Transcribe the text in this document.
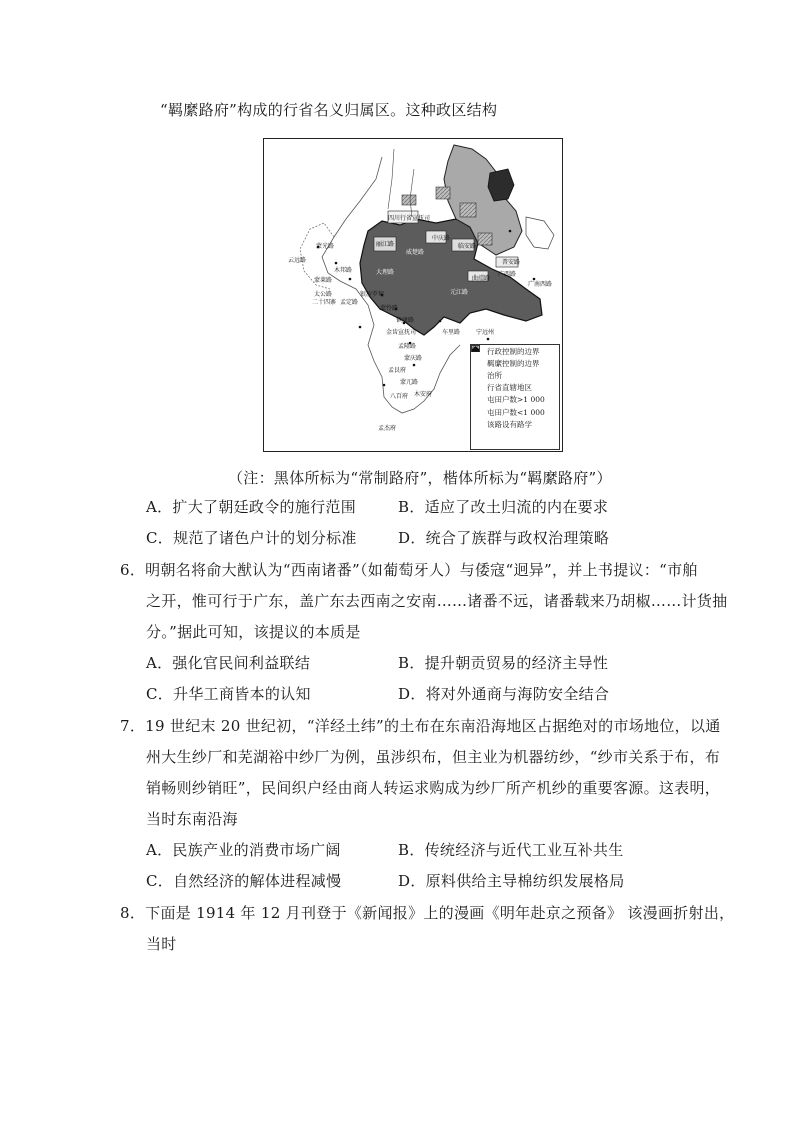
“羁縻路府”构成的行省名义归属区。这种政区结构
四川行省宣抚司
蒙光路
云远路
蒙莱路
木邦路
太公路
二十四寨 孟定路
丽江路
大理路
中庆路
威楚路
临安路
元江路
曲靖路
银沙罗甸
蒙怜路
镇康路
金齿宣抚司
孟隆路
蒙庆路
普安路
广西路
广南西路
宁远州
车里路
孟艮府
木安府
蒙兀路
八百府
孟杰府
行政控制的边界
羁縻控制的边界
治所
行省直辖地区
屯田户数>1 000
屯田户数<1 000
该路设有路学
（注：黑体所标为“常制路府”，楷体所标为“羁縻路府”）
A．扩大了朝廷政令的施行范围	B．适应了改土归流的内在要求
C．规范了诸色户计的划分标准	D．统合了族群与政权治理策略
6．明朝名将俞大猷认为“西南诸番”（如葡萄牙人）与倭寇“迥异”，并上书提议：“市舶
之开，惟可行于广东，盖广东去西南之安南……诸番不远，诸番载来乃胡椒……计货抽
分。”据此可知，该提议的本质是
A．强化官民间利益联结	B．提升朝贡贸易的经济主导性
C．升华工商皆本的认知	D．将对外通商与海防安全结合
7．19 世纪末 20 世纪初，“洋经土纬”的土布在东南沿海地区占据绝对的市场地位，以通
州大生纱厂和芜湖裕中纱厂为例，虽涉织布，但主业为机器纺纱，“纱市关系于布，布
销畅则纱销旺”，民间织户经由商人转运求购成为纱厂所产机纱的重要客源。这表明，
当时东南沿海
A．民族产业的消费市场广阔	B．传统经济与近代工业互补共生
C．自然经济的解体进程减慢	D．原料供给主导棉纺织发展格局
8．下面是 1914 年 12 月刊登于《新闻报》上的漫画《明年赴京之预备》 该漫画折射出，
当时
